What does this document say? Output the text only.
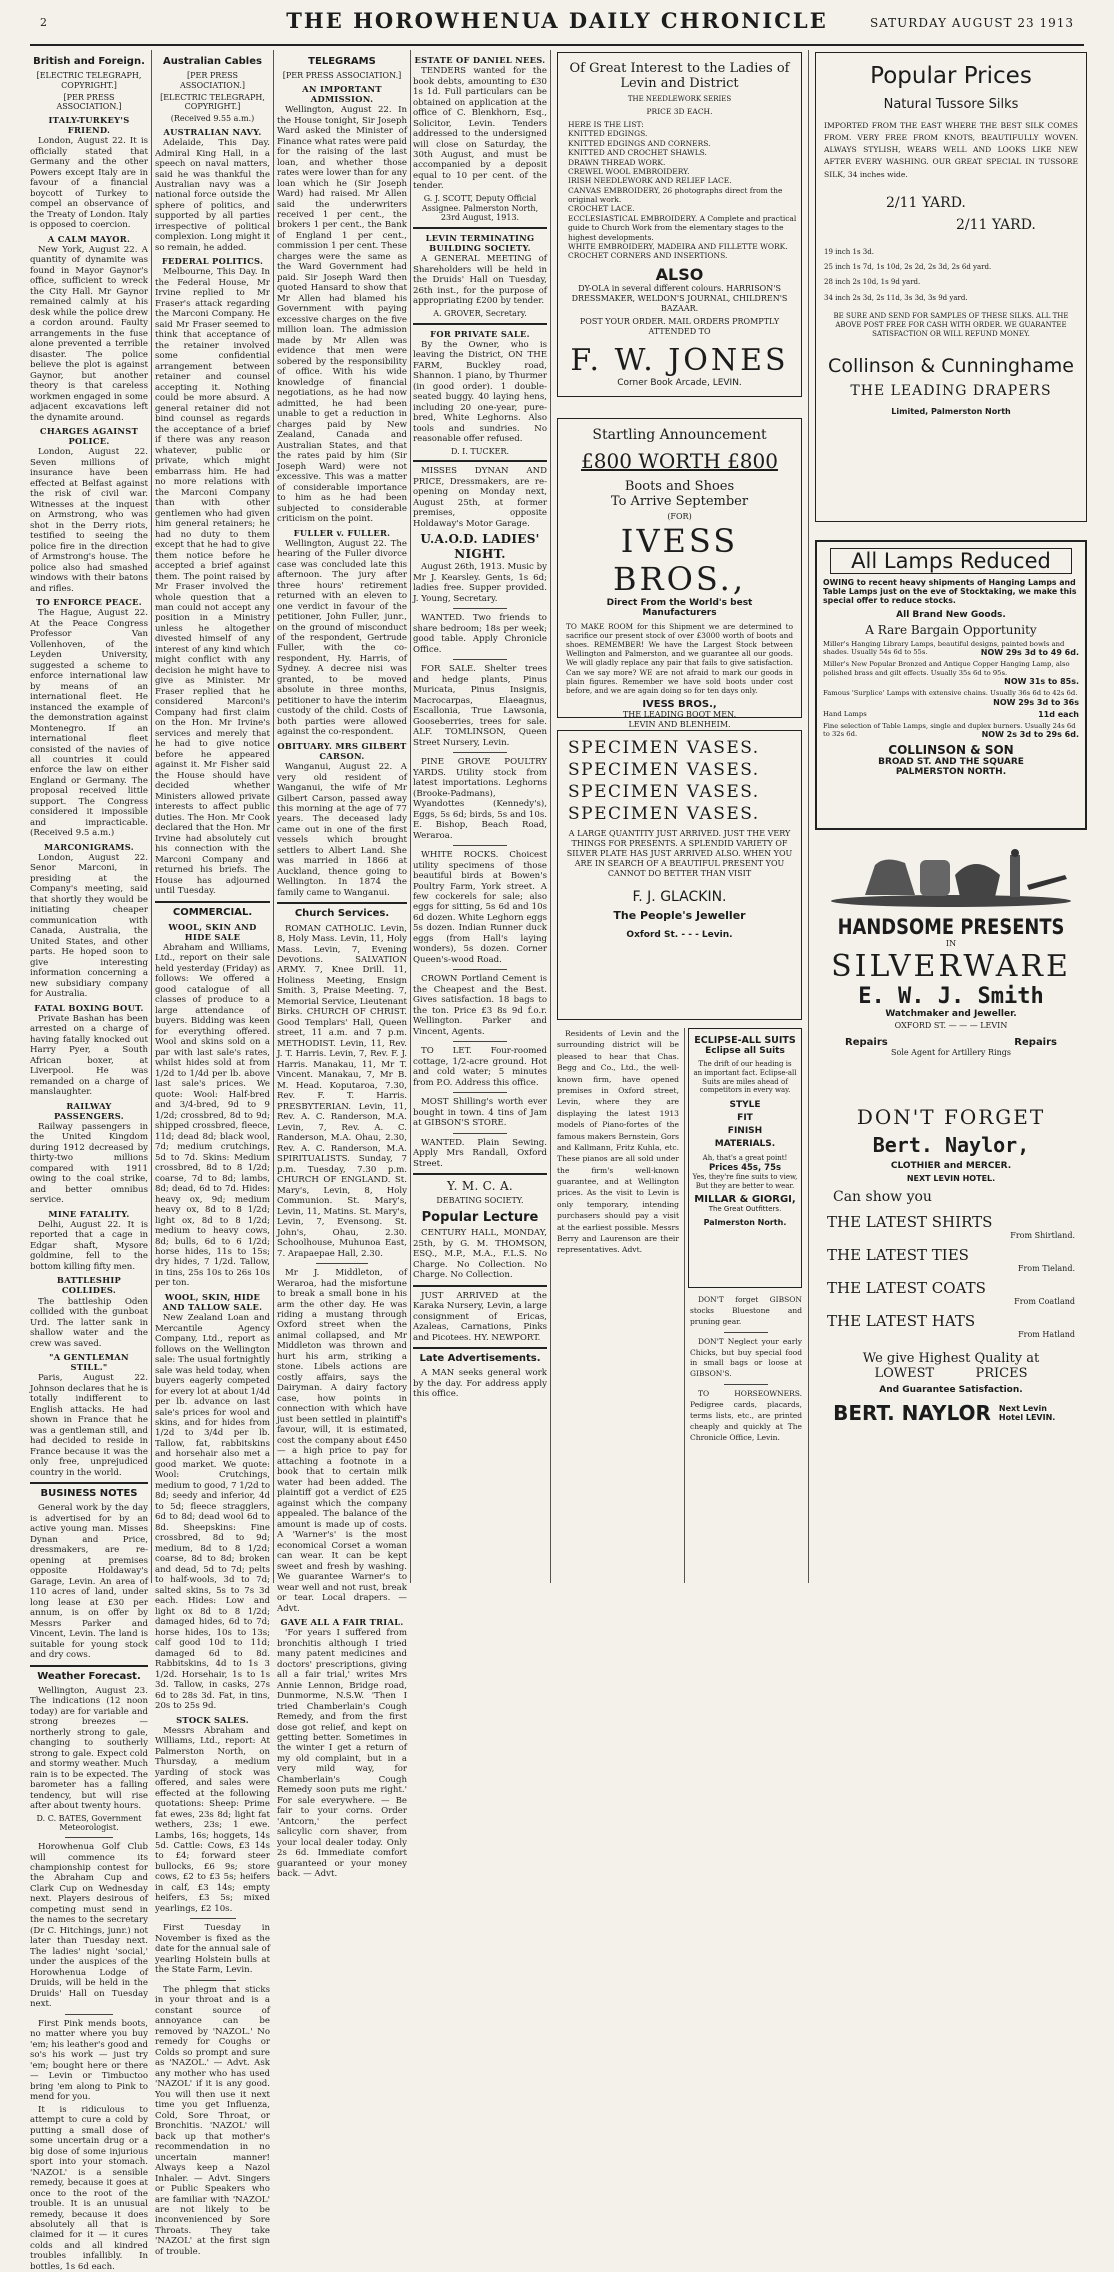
2	THE HOROWHENUA DAILY CHRONICLE	SATURDAY AUGUST 23 1913
British and Foreign.
[ELECTRIC TELEGRAPH, COPYRIGHT.]
[PER PRESS ASSOCIATION.]
ITALY-TURKEY'S FRIEND.

London, August 22. It is officially stated that Germany and the other Powers except Italy are in favour of a financial boycott of Turkey to compel an observance of the Treaty of London. Italy is opposed to coercion.

A CALM MAYOR.

New York, August 22. A quantity of dynamite was found in Mayor Gaynor's office, sufficient to wreck the City Hall. Mr Gaynor remained calmly at his desk while the police drew a cordon around. Faulty arrangements in the fuse alone prevented a terrible disaster. The police believe the plot is against Gaynor, but another theory is that careless workmen engaged in some adjacent excavations left the dynamite around.

CHARGES AGAINST POLICE.

London, August 22. Seven millions of insurance have been effected at Belfast against the risk of civil war. Witnesses at the inquest on Armstrong, who was shot in the Derry riots, testified to seeing the police fire in the direction of Armstrong's house. The police also had smashed windows with their batons and rifles.

TO ENFORCE PEACE.

The Hague, August 22. At the Peace Congress Professor Van Vollenhoven, of the Leyden University, suggested a scheme to enforce international law by means of an international fleet. He instanced the example of the demonstration against Montenegro. If an international fleet consisted of the navies of all countries it could enforce the law on either England or Germany. The proposal received little support. The Congress considered it impossible and impracticable. (Received 9.5 a.m.)

MARCONIGRAMS.

London, August 22. Senor Marconi, in presiding at the Company's meeting, said that shortly they would be initiating cheaper communication with Canada, Australia, the United States, and other parts. He hoped soon to give interesting information concerning a new subsidiary company for Australia.

FATAL BOXING BOUT.

Private Bashan has been arrested on a charge of having fatally knocked out Harry Pyer, a South African boxer, at Liverpool. He was remanded on a charge of manslaughter.

RAILWAY PASSENGERS.

Railway passengers in the United Kingdom during 1912 decreased by thirty-two millions compared with 1911 owing to the coal strike, and better omnibus service.

MINE FATALITY.

Delhi, August 22. It is reported that a cage in Edgar shaft, Mysore goldmine, fell to the bottom killing fifty men.

BATTLESHIP COLLIDES.

The battleship Oden collided with the gunboat Urd. The latter sank in shallow water and the crew was saved.

"A GENTLEMAN STILL."

Paris, August 22. Johnson declares that he is totally indifferent to English attacks. He had shown in France that he was a gentleman still, and had decided to reside in France because it was the only free, unprejudiced country in the world.

BUSINESS NOTES

General work by the day is advertised for by an active young man. Misses Dynan and Price, dressmakers, are re-opening at premises opposite Holdaway's Garage, Levin. An area of 110 acres of land, under long lease at £30 per annum, is on offer by Messrs Parker and Vincent, Levin. The land is suitable for young stock and dry cows.

Weather Forecast.

Wellington, August 23. The indications (12 noon today) are for variable and strong breezes — northerly strong to gale, changing to southerly strong to gale. Expect cold and stormy weather. Much rain is to be expected. The barometer has a falling tendency, but will rise after about twenty hours.

D. C. BATES, Government Meteorologist.

Horowhenua Golf Club will commence its championship contest for the Abraham Cup and Clark Cup on Wednesday next. Players desirous of competing must send in the names to the secretary (Dr C. Hitchings, junr.) not later than Tuesday next. The ladies' night 'social,' under the auspices of the Horowhenua Lodge of Druids, will be held in the Druids' Hall on Tuesday next.

First Pink mends boots, no matter where you buy 'em; his leather's good and so's his work — just try 'em; bought here or there — Levin or Timbuctoo bring 'em along to Pink to mend for you.

It is ridiculous to attempt to cure a cold by putting a small dose of some uncertain drug or a big dose of some injurious sport into your stomach. 'NAZOL' is a sensible remedy, because it goes at once to the root of the trouble. It is an unusual remedy, because it does absolutely all that is claimed for it — it cures colds and all kindred troubles infallibly. In bottles, 1s 6d each.

Australian Cables
[PER PRESS ASSOCIATION.]
[ELECTRIC TELEGRAPH, COPYRIGHT.]
(Received 9.55 a.m.)
AUSTRALIAN NAVY.

Adelaide, This Day. Admiral King Hall, in a speech on naval matters, said he was thankful the Australian navy was a national force outside the sphere of politics, and supported by all parties irrespective of political complexion. Long might it so remain, he added.

FEDERAL POLITICS.

Melbourne, This Day. In the Federal House, Mr Irvine replied to Mr Fraser's attack regarding the Marconi Company. He said Mr Fraser seemed to think that acceptance of the retainer involved some confidential arrangement between retainer and counsel accepting it. Nothing could be more absurd. A general retainer did not bind counsel as regards the acceptance of a brief if there was any reason whatever, public or private, which might embarrass him. He had no more relations with the Marconi Company than with other gentlemen who had given him general retainers; he had no duty to them except that he had to give them notice before he accepted a brief against them. The point raised by Mr Fraser involved the whole question that a man could not accept any position in a Ministry unless he altogether divested himself of any interest of any kind which might conflict with any decision he might have to give as Minister. Mr Fraser replied that he considered Marconi's Company had first claim on the Hon. Mr Irvine's services and merely that he had to give notice before he appeared against it. Mr Fisher said the House should have decided whether Ministers allowed private interests to affect public duties. The Hon. Mr Cook declared that the Hon. Mr Irvine had absolutely cut his connection with the Marconi Company and returned his briefs. The House has adjourned until Tuesday.

COMMERCIAL.
WOOL, SKIN AND HIDE SALE

Abraham and Williams, Ltd., report on their sale held yesterday (Friday) as follows: We offered a good catalogue of all classes of produce to a large attendance of buyers. Bidding was keen for everything offered. Wool and skins sold on a par with last sale's rates, whilst hides sold at from 1/2d to 1/4d per lb. above last sale's prices. We quote: Wool: Half-bred and 3/4-bred, 9d to 9 1/2d; crossbred, 8d to 9d; shipped crossbred, fleece, 11d; dead 8d; black wool, 7d; medium crutchings, 5d to 7d. Skins: Medium crossbred, 8d to 8 1/2d; coarse, 7d to 8d; lambs, 8d; dead, 6d to 7d. Hides: heavy ox, 9d; medium heavy ox, 8d to 8 1/2d; light ox, 8d to 8 1/2d; medium to heavy cows, 8d; bulls, 6d to 6 1/2d; horse hides, 11s to 15s; dry hides, 7 1/2d. Tallow, in tins, 25s 10s to 26s 10s per ton.

WOOL, SKIN, HIDE AND TALLOW SALE.

New Zealand Loan and Mercantile Agency Company, Ltd., report as follows on the Wellington sale: The usual fortnightly sale was held today, when buyers eagerly competed for every lot at about 1/4d per lb. advance on last sale's prices for wool and skins, and for hides from 1/2d to 3/4d per lb. Tallow, fat, rabbitskins and horsehair also met a good market. We quote: Wool: Crutchings, medium to good, 7 1/2d to 8d; seedy and inferior, 4d to 5d; fleece stragglers, 6d to 8d; dead wool 6d to 8d. Sheepskins: Fine crossbred, 8d to 9d; medium, 8d to 8 1/2d; coarse, 8d to 8d; broken and dead, 5d to 7d; pelts to half-wools, 3d to 7d; salted skins, 5s to 7s 3d each. Hides: Low and light ox 8d to 8 1/2d; damaged hides, 6d to 7d; horse hides, 10s to 13s; calf good 10d to 11d; damaged 6d to 8d. Rabbitskins, 4d to 1s 3 1/2d. Horsehair, 1s to 1s 3d. Tallow, in casks, 27s 6d to 28s 3d. Fat, in tins, 20s to 25s 9d.

STOCK SALES.

Messrs Abraham and Williams, Ltd., report: At Palmerston North, on Thursday, a medium yarding of stock was offered, and sales were effected at the following quotations: Sheep: Prime fat ewes, 23s 8d; light fat wethers, 23s; 1 ewe. Lambs, 16s; hoggets, 14s 5d. Cattle: Cows, £3 14s to £4; forward steer bullocks, £6 9s; store cows, £2 to £3 5s; heifers in calf, £3 14s; empty heifers, £3 5s; mixed yearlings, £2 10s.

First Tuesday in November is fixed as the date for the annual sale of yearling Holstein bulls at the State Farm, Levin.

The phlegm that sticks in your throat and is a constant source of annoyance can be removed by 'NAZOL.' No remedy for Coughs or Colds so prompt and sure as 'NAZOL.' — Advt. Ask any mother who has used 'NAZOL' if it is any good. You will then use it next time you get Influenza, Cold, Sore Throat, or Bronchitis. 'NAZOL' will back up that mother's recommendation in no uncertain manner! Always keep a Nazol Inhaler. — Advt. Singers or Public Speakers who are familiar with 'NAZOL' are not likely to be inconvenienced by Sore Throats. They take 'NAZOL' at the first sign of trouble.

TELEGRAMS
[PER PRESS ASSOCIATION.]
AN IMPORTANT ADMISSION.

Wellington, August 22. In the House tonight, Sir Joseph Ward asked the Minister of Finance what rates were paid for the raising of the last loan, and whether those rates were lower than for any loan which he (Sir Joseph Ward) had raised. Mr Allen said the underwriters received 1 per cent., the brokers 1 per cent., the Bank of England 1 per cent., commission 1 per cent. These charges were the same as the Ward Government had paid. Sir Joseph Ward then quoted Hansard to show that Mr Allen had blamed his Government with paying excessive charges on the five million loan. The admission made by Mr Allen was evidence that men were sobered by the responsibility of office. With his wide knowledge of financial negotiations, as he had now admitted, he had been unable to get a reduction in charges paid by New Zealand, Canada and Australian States, and that the rates paid by him (Sir Joseph Ward) were not excessive. This was a matter of considerable importance to him as he had been subjected to considerable criticism on the point.

FULLER v. FULLER.

Wellington, August 22. The hearing of the Fuller divorce case was concluded late this afternoon. The jury after three hours' retirement returned with an eleven to one verdict in favour of the petitioner, John Fuller, junr., on the ground of misconduct of the respondent, Gertrude Fuller, with the co-respondent, Hy. Harris, of Sydney. A decree nisi was granted, to be moved absolute in three months, petitioner to have the interim custody of the child. Costs of both parties were allowed against the co-respondent.

OBITUARY. MRS GILBERT CARSON.

Wanganui, August 22. A very old resident of Wanganui, the wife of Mr Gilbert Carson, passed away this morning at the age of 77 years. The deceased lady came out in one of the first vessels which brought settlers to Albert Land. She was married in 1866 at Auckland, thence going to Wellington. In 1874 the family came to Wanganui.

Church Services.

ROMAN CATHOLIC. Levin, 8, Holy Mass. Levin, 11, Holy Mass. Levin, 7, Evening Devotions. SALVATION ARMY. 7, Knee Drill. 11, Holiness Meeting, Ensign Smith. 3, Praise Meeting. 7, Memorial Service, Lieutenant Birks. CHURCH OF CHRIST. Good Templars' Hall, Queen street, 11 a.m. and 7 p.m. METHODIST. Levin, 11, Rev. J. T. Harris. Levin, 7, Rev. F. J. Harris. Manakau, 11, Mr T. Vincent. Manakau, 7, Mr B. M. Head. Koputaroa, 7.30, Rev. F. T. Harris. PRESBYTERIAN. Levin, 11, Rev. A. C. Randerson, M.A. Levin, 7, Rev. A. C. Randerson, M.A. Ohau, 2.30, Rev. A. C. Randerson, M.A. SPIRITUALISTS. Sunday, 7 p.m. Tuesday, 7.30 p.m. CHURCH OF ENGLAND. St. Mary's, Levin, 8, Holy Communion. St. Mary's, Levin, 11, Matins. St. Mary's, Levin, 7, Evensong. St. John's, Ohau, 2.30. Schoolhouse, Muhunoa East, 7. Arapaepae Hall, 2.30.

Mr J. Middleton, of Weraroa, had the misfortune to break a small bone in his arm the other day. He was riding a mustang through Oxford street when the animal collapsed, and Mr Middleton was thrown and hurt his arm, striking a stone. Libels actions are costly affairs, says the Dairyman. A dairy factory case, how points in connection with which have just been settled in plaintiff's favour, will, it is estimated, cost the company about £450 — a high price to pay for attaching a footnote in a book that to certain milk water had been added. The plaintiff got a verdict of £25 against which the company appealed. The balance of the amount is made up of costs. A 'Warner's' is the most economical Corset a woman can wear. It can be kept sweet and fresh by washing. We guarantee Warner's to wear well and not rust, break or tear. Local drapers. — Advt.

GAVE ALL A FAIR TRIAL.

'For years I suffered from bronchitis although I tried many patent medicines and doctors' prescriptions, giving all a fair trial,' writes Mrs Annie Lennon, Bridge road, Dunmorme, N.S.W. 'Then I tried Chamberlain's Cough Remedy, and from the first dose got relief, and kept on getting better. Sometimes in the winter I get a return of my old complaint, but in a very mild way, for Chamberlain's Cough Remedy soon puts me right.' For sale everywhere. — Be fair to your corns. Order 'Antcorn,' the perfect salicylic corn shaver, from your local dealer today. Only 2s 6d. Immediate comfort guaranteed or your money back. — Advt.

ESTATE OF DANIEL NEES.

TENDERS wanted for the book debts, amounting to £30 1s 1d. Full particulars can be obtained on application at the office of C. Blenkhorn, Esq., Solicitor, Levin. Tenders addressed to the undersigned will close on Saturday, the 30th August, and must be accompanied by a deposit equal to 10 per cent. of the tender.

G. J. SCOTT, Deputy Official Assignee. Palmerston North, 23rd August, 1913.
LEVIN TERMINATING BUILDING SOCIETY.

A GENERAL MEETING of Shareholders will be held in the Druids' Hall on Tuesday, 26th inst., for the purpose of appropriating £200 by tender.

A. GROVER, Secretary.
FOR PRIVATE SALE.

By the Owner, who is leaving the District, ON THE FARM, Buckley road, Shannon. 1 piano, by Thurmer (in good order). 1 double-seated buggy. 40 laying hens, including 20 one-year, pure-bred, White Leghorns. Also tools and sundries. No reasonable offer refused.

D. I. TUCKER.

MISSES DYNAN AND PRICE, Dressmakers, are re-opening on Monday next, August 25th, at former premises, opposite Holdaway's Motor Garage.

U.A.O.D. LADIES' NIGHT.

August 26th, 1913. Music by Mr J. Kearsley. Gents, 1s 6d; ladies free. Supper provided. J. Young, Secretary.

WANTED. Two friends to share bedroom; 18s per week; good table. Apply Chronicle Office.

FOR SALE. Shelter trees and hedge plants, Pinus Muricata, Pinus Insignis, Macrocarpas, Elaeagnus, Escallonia, True Lawsonia, Gooseberries, trees for sale. ALF. TOMLINSON, Queen Street Nursery, Levin.

PINE GROVE POULTRY YARDS. Utility stock from latest importations. Leghorns (Brooke-Padmans), Wyandottes (Kennedy's), Eggs, 5s 6d; birds, 5s and 10s. E. Bishop, Beach Road, Weraroa.

WHITE ROCKS. Choicest utility specimens of those beautiful birds at Bowen's Poultry Farm, York street. A few cockerels for sale; also eggs for sitting, 5s 6d and 10s 6d dozen. White Leghorn eggs 5s dozen. Indian Runner duck eggs (from Hall's laying wonders), 5s dozen. Corner Queen's-wood Road.

CROWN Portland Cement is the Cheapest and the Best. Gives satisfaction. 18 bags to the ton. Price £3 8s 9d f.o.r. Wellington. Parker and Vincent, Agents.

TO LET. Four-roomed cottage, 1/2-acre ground. Hot and cold water; 5 minutes from P.O. Address this office.

MOST Shilling's worth ever bought in town. 4 tins of Jam at GIBSON'S STORE.

WANTED. Plain Sewing. Apply Mrs Randall, Oxford Street.

Y. M. C. A.
DEBATING SOCIETY.
Popular Lecture

CENTURY HALL, MONDAY, 25th, by G. M. THOMSON, ESQ., M.P., M.A., F.L.S. No Charge. No Collection. No Charge. No Collection.

JUST ARRIVED at the Karaka Nursery, Levin, a large consignment of Ericas, Azaleas, Carnations, Pinks and Picotees. HY. NEWPORT.

Late Advertisements.

A MAN seeks general work by the day. For address apply this office.

Of Great Interest to the Ladies of Levin and District
THE NEEDLEWORK SERIES
PRICE 3D EACH.
HERE IS THE LIST:
KNITTED EDGINGS.
KNITTED EDGINGS AND CORNERS.
KNITTED AND CROCHET SHAWLS.
DRAWN THREAD WORK.
CREWEL WOOL EMBROIDERY.
IRISH NEEDLEWORK AND RELIEF LACE.
CANVAS EMBROIDERY, 26 photographs direct from the original work.
CROCHET LACE.
ECCLESIASTICAL EMBROIDERY. A Complete and practical guide to Church Work from the elementary stages to the highest developments.
WHITE EMBROIDERY, MADEIRA AND FILLETTE WORK.
CROCHET CORNERS AND INSERTIONS.
ALSO
DY-OLA in several different colours. HARRISON'S DRESSMAKER, WELDON'S JOURNAL, CHILDREN'S BAZAAR.
POST YOUR ORDER. MAIL ORDERS PROMPTLY ATTENDED TO
F. W. JONES
Corner Book Arcade, LEVIN.
Startling Announcement
£800 WORTH £800
Boots and Shoes
To Arrive September
(FOR)
IVESS BROS.,
Direct From the World's best Manufacturers
TO MAKE ROOM for this Shipment we are determined to sacrifice our present stock of over £3000 worth of boots and shoes. REMEMBER! We have the Largest Stock between Wellington and Palmerston, and we guarantee all our goods. We will gladly replace any pair that fails to give satisfaction. Can we say more? WE are not afraid to mark our goods in plain figures. Remember we have sold boots under cost before, and we are again doing so for ten days only.
IVESS BROS.,
THE LEADING BOOT MEN.
LEVIN AND BLENHEIM.
SPECIMEN VASES.
SPECIMEN VASES.
SPECIMEN VASES.
SPECIMEN VASES.
A LARGE QUANTITY JUST ARRIVED. JUST THE VERY THINGS FOR PRESENTS. A SPLENDID VARIETY OF SILVER PLATE HAS JUST ARRIVED ALSO. WHEN YOU ARE IN SEARCH OF A BEAUTIFUL PRESENT YOU CANNOT DO BETTER THAN VISIT
F. J. GLACKIN.
The People's Jeweller
Oxford St. - - - Levin.

Residents of Levin and the surrounding district will be pleased to hear that Chas. Begg and Co., Ltd., the well-known firm, have opened premises in Oxford street, Levin, where they are displaying the latest 1913 models of Piano-fortes of the famous makers Bernstein, Gors and Kallmann, Fritz Kuhla, etc. These pianos are all sold under the firm's well-known guarantee, and at Wellington prices. As the visit to Levin is only temporary, intending purchasers should pay a visit at the earliest possible. Messrs Berry and Laurenson are their representatives. Advt.

ECLIPSE-ALL SUITS
Eclipse all Suits
The drift of our heading is an important fact. Eclipse-all Suits are miles ahead of competitors in every way.
STYLE
FIT
FINISH
MATERIALS.
Ah, that's a great point!
Prices 45s, 75s
Yes, they're fine suits to view, But they are better to wear.
MILLAR & GIORGI,
The Great Outfitters.
Palmerston North.

DON'T forget GIBSON stocks Bluestone and pruning gear.

DON'T Neglect your early Chicks, but buy special food in small bags or loose at GIBSON'S.

TO HORSEOWNERS. Pedigree cards, placards, terms lists, etc., are printed cheaply and quickly at The Chronicle Office, Levin.

Popular Prices
Natural Tussore Silks
IMPORTED FROM THE EAST WHERE THE BEST SILK COMES FROM. VERY FREE FROM KNOTS, BEAUTIFULLY WOVEN. ALWAYS STYLISH, WEARS WELL AND LOOKS LIKE NEW AFTER EVERY WASHING. OUR GREAT SPECIAL IN TUSSORE SILK, 34 inches wide.
2/11 YARD.
2/11 YARD.
19 inch 1s 3d.
25 inch 1s 7d, 1s 10d, 2s 2d, 2s 3d, 2s 6d yard.
28 inch 2s 10d, 1s 9d yard.
34 inch 2s 3d, 2s 11d, 3s 3d, 3s 9d yard.
BE SURE AND SEND FOR SAMPLES OF THESE SILKS. ALL THE ABOVE POST FREE FOR CASH WITH ORDER. WE GUARANTEE SATISFACTION OR WILL REFUND MONEY.
Collinson & Cunninghame
THE LEADING DRAPERS
Limited, Palmerston North
All Lamps Reduced
OWING to recent heavy shipments of Hanging Lamps and Table Lamps just on the eve of Stocktaking, we make this special offer to reduce stocks.
All Brand New Goods.
A Rare Bargain Opportunity
Miller's Hanging Library Lamps, beautiful designs, painted bowls and shades. Usually 54s 6d to 55s.	NOW 29s 3d to 49 6d.
Miller's New Popular Bronzed and Antique Copper Hanging Lamp, also polished brass and gilt effects. Usually 35s 6d to 95s.
NOW 31s to 85s.
Famous 'Surplice' Lamps with extensive chains. Usually 36s 6d to 42s 6d.
NOW 29s 3d to 36s
Hand Lamps	11d each
Fine selection of Table Lamps, single and duplex burners. Usually 24s 6d to 32s 6d.	NOW 2s 3d to 29s 6d.
COLLINSON & SON
BROAD ST. AND THE SQUARE
PALMERSTON NORTH.
HANDSOME PRESENTS
IN
SILVERWARE
E. W. J. Smith
Watchmaker and Jeweller.
OXFORD ST. — — — LEVIN
Repairs	Repairs
Sole Agent for Artillery Rings
DON'T FORGET
Bert. Naylor,
CLOTHIER and MERCER.
NEXT LEVIN HOTEL.
Can show you
THE LATEST SHIRTS
From Shirtland.
THE LATEST TIES
From Tieland.
THE LATEST COATS
From Coatland
THE LATEST HATS
From Hatland
We give Highest Quality at
LOWEST          PRICES
And Guarantee Satisfaction.
BERT. NAYLOR Next Levin Hotel LEVIN.
